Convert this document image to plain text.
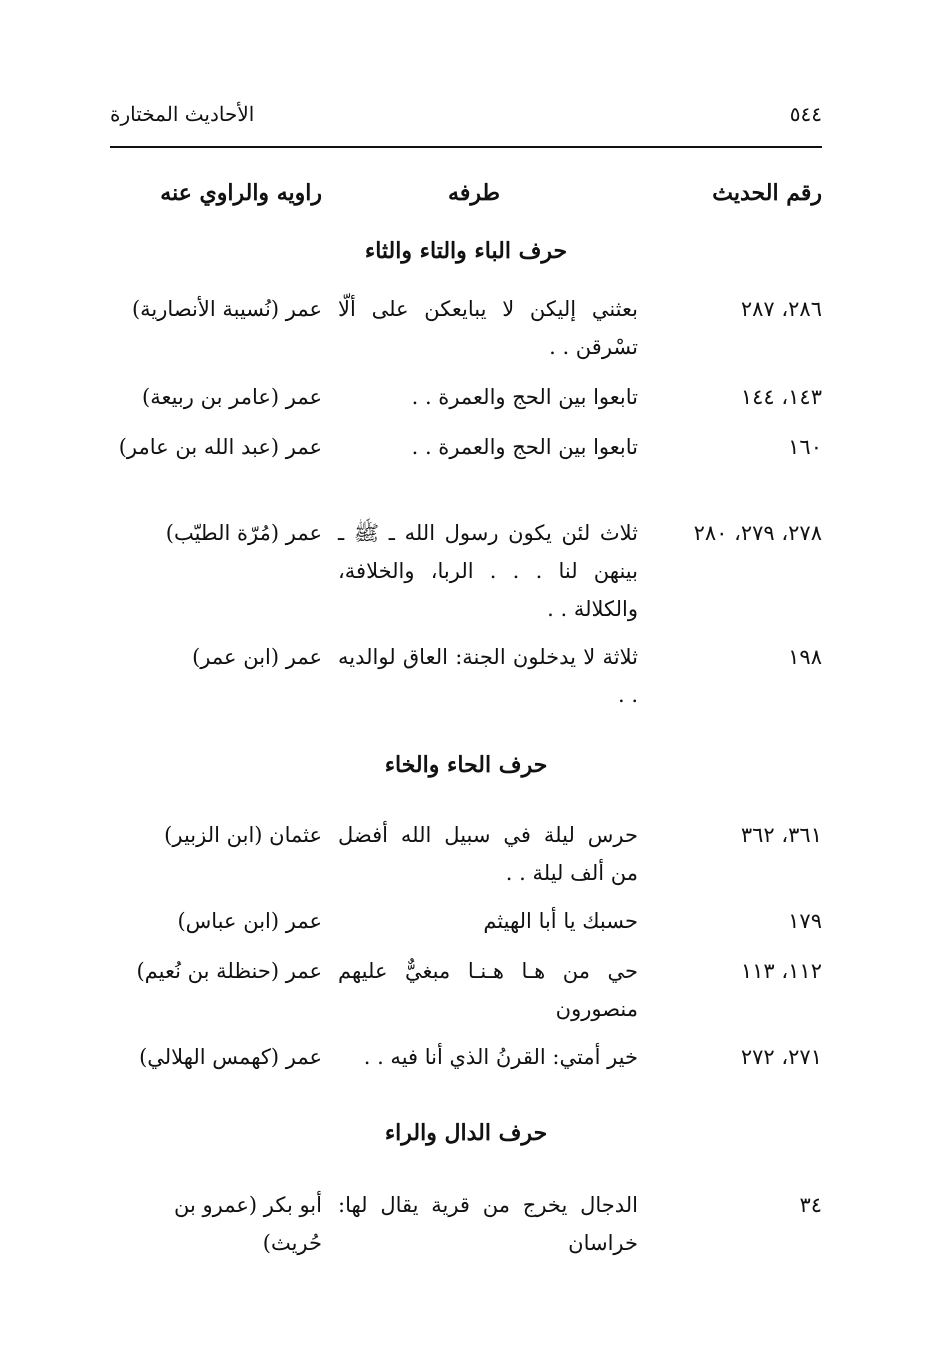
٥٤٤
الأحاديث المختارة
رقم الحديث
طرفه
راويه والراوي عنه
حرف الباء والتاء والثاء
٢٨٦، ٢٨٧
بعثني إليكن لا يبايعكن على ألّا تسْرقن . .
عمر (نُسيبة الأنصارية)
١٤٣، ١٤٤
تابعوا بين الحج والعمرة . .
عمر (عامر بن ربيعة)
١٦٠
تابعوا بين الحج والعمرة . .
عمر (عبد الله بن عامر)
٢٧٨، ٢٧٩، ٢٨٠
ثلاث لئن يكون رسول الله ـ ﷺ ـ بينهن لنا . . . الربا، والخلافة، والكلالة . .
عمر (مُرّة الطيّب)
١٩٨
ثلاثة لا يدخلون الجنة: العاق لوالديه . .
عمر (ابن عمر)
حرف الحاء والخاء
٣٦١، ٣٦٢
حرس ليلة في سبيل الله أفضل من ألف ليلة . .
عثمان (ابن الزبير)
١٧٩
حسبك يا أبا الهيثم
عمر (ابن عباس)
١١٢، ١١٣
حي من هـا هـنـا مبغيٌّ عليهم منصورون
عمر (حنظلة بن نُعيم)
٢٧١، ٢٧٢
خير أمتي: القرنُ الذي أنا فيه . .
عمر (كهمس الهلالي)
حرف الدال والراء
٣٤
الدجال يخرج من قرية يقال لها: خراسان
أبو بكر (عمرو بن حُريث)
